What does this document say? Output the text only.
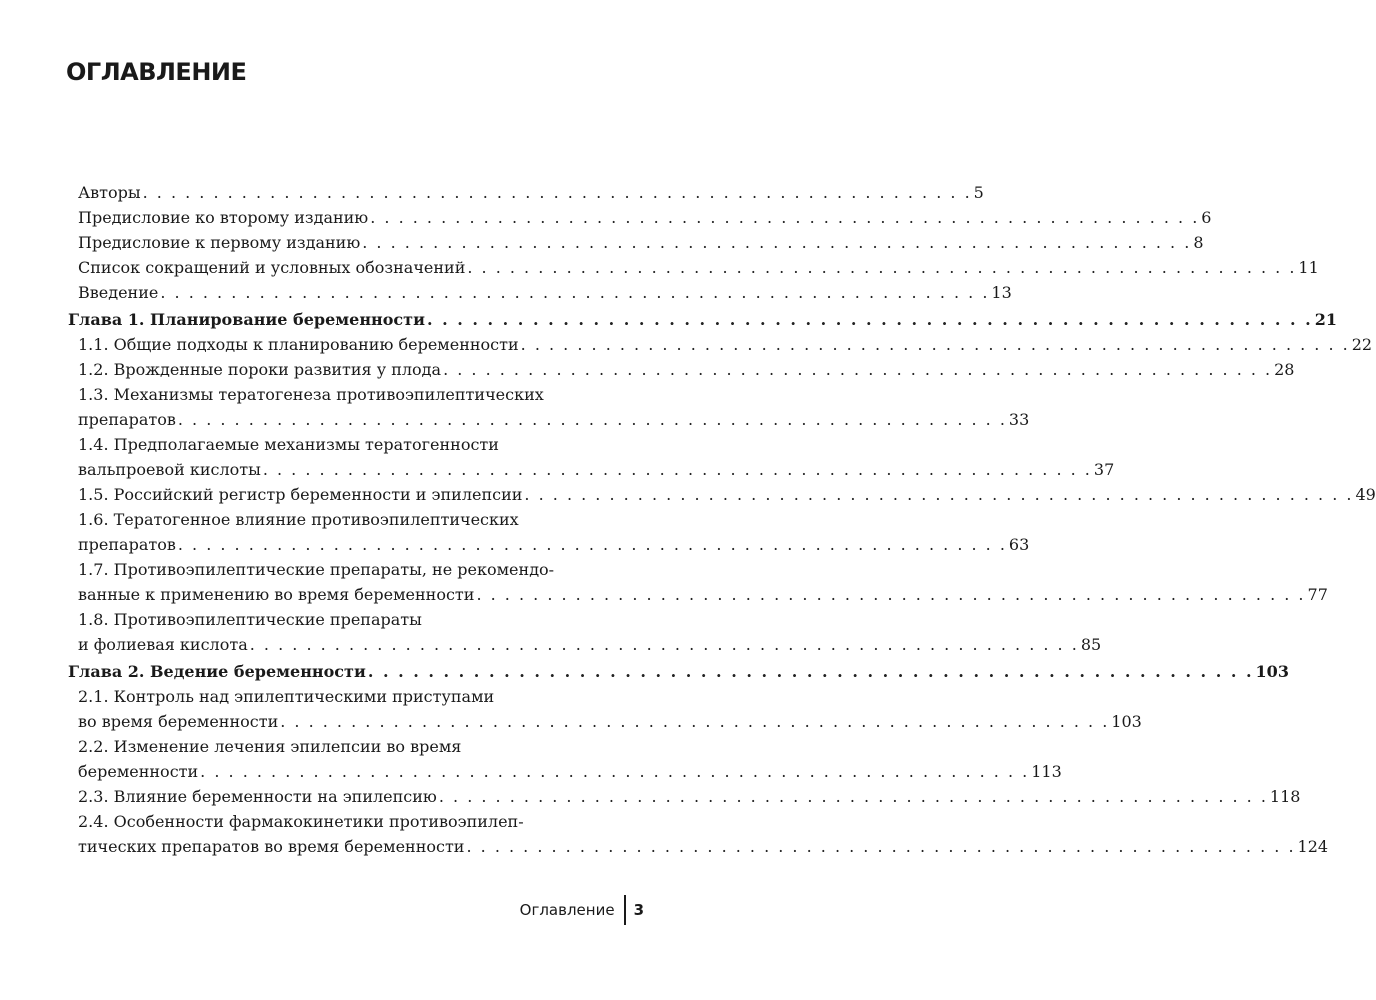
ОГЛАВЛЕНИЕ
Авторы . . . . . . . . . . . . . . . . . . . . . . . . . . . . . . . . . . . . . . . . . . . . . . . . . . . . . . . . . . . 5
Предисловие ко второму изданию . . . . . . . . . . . . . . . . . . . . . . . . . . . . . . . . . . . . . . . . . . . . . . . . . . . . . . . . . . . 6
Предисловие к первому изданию . . . . . . . . . . . . . . . . . . . . . . . . . . . . . . . . . . . . . . . . . . . . . . . . . . . . . . . . . . . 8
Список сокращений и условных обозначений . . . . . . . . . . . . . . . . . . . . . . . . . . . . . . . . . . . . . . . . . . . . . . . . . . . . . . . . . . . 11
Введение . . . . . . . . . . . . . . . . . . . . . . . . . . . . . . . . . . . . . . . . . . . . . . . . . . . . . . . . . . . 13
Глава 1. Планирование беременности . . . . . . . . . . . . . . . . . . . . . . . . . . . . . . . . . . . . . . . . . . . . . . . . . . . . . . . . . . . 21
1.1. Общие подходы к планированию беременности . . . . . . . . . . . . . . . . . . . . . . . . . . . . . . . . . . . . . . . . . . . . . . . . . . . . . . . . . . . 22
1.2. Врожденные пороки развития у плода . . . . . . . . . . . . . . . . . . . . . . . . . . . . . . . . . . . . . . . . . . . . . . . . . . . . . . . . . . . 28
1.3. Механизмы тератогенеза противоэпилептических
препаратов . . . . . . . . . . . . . . . . . . . . . . . . . . . . . . . . . . . . . . . . . . . . . . . . . . . . . . . . . . . 33
1.4. Предполагаемые механизмы тератогенности
вальпроевой кислоты . . . . . . . . . . . . . . . . . . . . . . . . . . . . . . . . . . . . . . . . . . . . . . . . . . . . . . . . . . . 37
1.5. Российский регистр беременности и эпилепсии . . . . . . . . . . . . . . . . . . . . . . . . . . . . . . . . . . . . . . . . . . . . . . . . . . . . . . . . . . . 49
1.6. Тератогенное влияние противоэпилептических
препаратов . . . . . . . . . . . . . . . . . . . . . . . . . . . . . . . . . . . . . . . . . . . . . . . . . . . . . . . . . . . 63
1.7. Противоэпилептические препараты, не рекомендо-
ванные к применению во время беременности . . . . . . . . . . . . . . . . . . . . . . . . . . . . . . . . . . . . . . . . . . . . . . . . . . . . . . . . . . . 77
1.8. Противоэпилептические препараты
и фолиевая кислота . . . . . . . . . . . . . . . . . . . . . . . . . . . . . . . . . . . . . . . . . . . . . . . . . . . . . . . . . . . 85
Глава 2. Ведение беременности . . . . . . . . . . . . . . . . . . . . . . . . . . . . . . . . . . . . . . . . . . . . . . . . . . . . . . . . . . . 103
2.1. Контроль над эпилептическими приступами
во время беременности . . . . . . . . . . . . . . . . . . . . . . . . . . . . . . . . . . . . . . . . . . . . . . . . . . . . . . . . . . . 103
2.2. Изменение лечения эпилепсии во время
беременности . . . . . . . . . . . . . . . . . . . . . . . . . . . . . . . . . . . . . . . . . . . . . . . . . . . . . . . . . . . 113
2.3. Влияние беременности на эпилепсию . . . . . . . . . . . . . . . . . . . . . . . . . . . . . . . . . . . . . . . . . . . . . . . . . . . . . . . . . . . 118
2.4. Особенности фармакокинетики противоэпилеп-
тических препаратов во время беременности . . . . . . . . . . . . . . . . . . . . . . . . . . . . . . . . . . . . . . . . . . . . . . . . . . . . . . . . . . . 124
Оглавление	3
